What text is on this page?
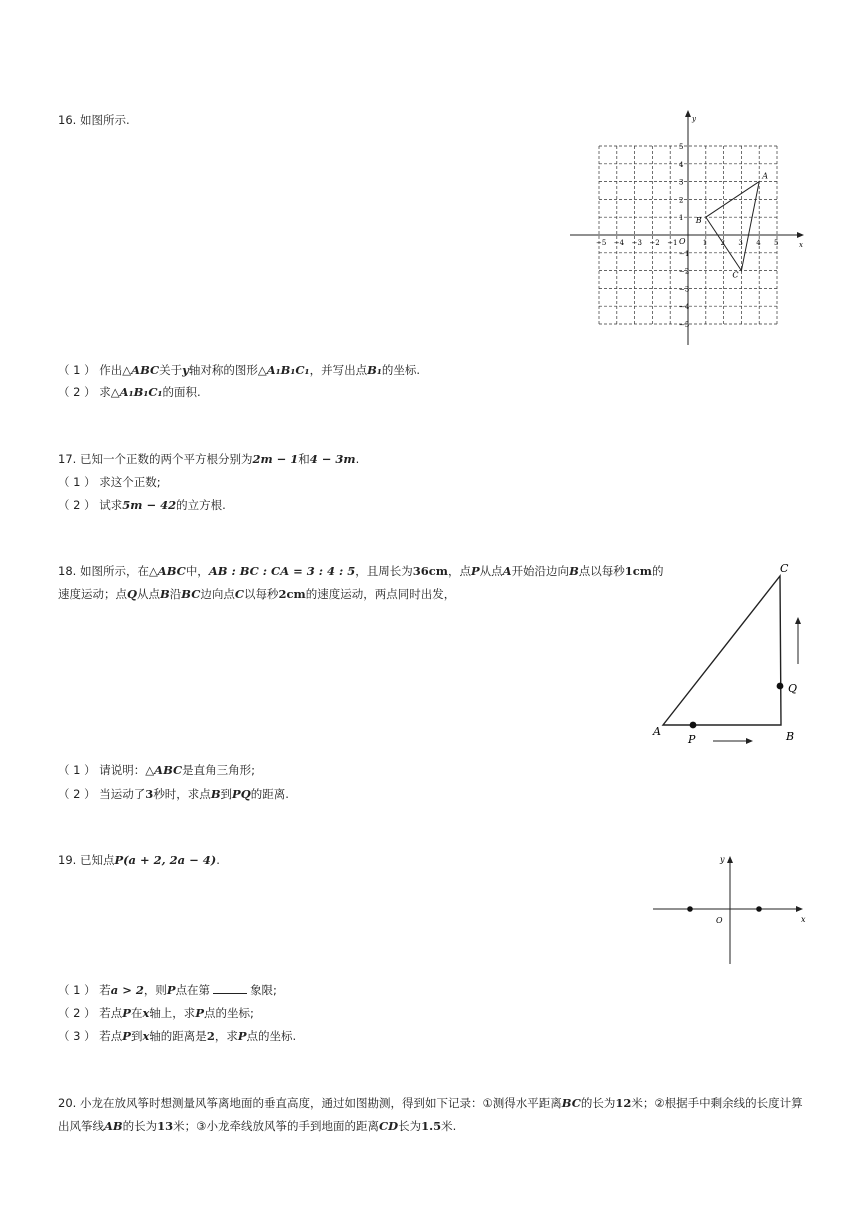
16. 如图所示.
x
y
O
−5 −4 −3 −2 −1	1 2 3 4 5
5
4
3
2
1
−1
−2
−3
−4
−5
A
B
C
（ 1 ） 作出△ABC关于y轴对称的图形△A₁B₁C₁，并写出点B₁的坐标.
（ 2 ） 求△A₁B₁C₁的面积.
17. 已知一个正数的两个平方根分别为2m − 1和4 − 3m.
（ 1 ） 求这个正数;
（ 2 ） 试求5m − 42的立方根.
18. 如图所示，在△ABC中，AB : BC : CA = 3 : 4 : 5，且周长为36cm，点P从点A开始沿边向B点以每秒1cm的
速度运动；点Q从点B沿BC边向点C以每秒2cm的速度运动，两点同时出发，
A	B
C
P
Q
（ 1 ） 请说明：△ABC是直角三角形;
（ 2 ） 当运动了3秒时，求点B到PQ的距离.
19. 已知点P(a + 2, 2a − 4).
x
y
O
（ 1 ） 若a > 2，则P点在第	象限;
（ 2 ） 若点P在x轴上，求P点的坐标;
（ 3 ） 若点P到x轴的距离是2，求P点的坐标.
20. 小龙在放风筝时想测量风筝离地面的垂直高度，通过如图勘测，得到如下记录：①测得水平距离BC的长为12米；②根据手中剩余线的长度计算
出风筝线AB的长为13米；③小龙牵线放风筝的手到地面的距离CD长为1.5米.
